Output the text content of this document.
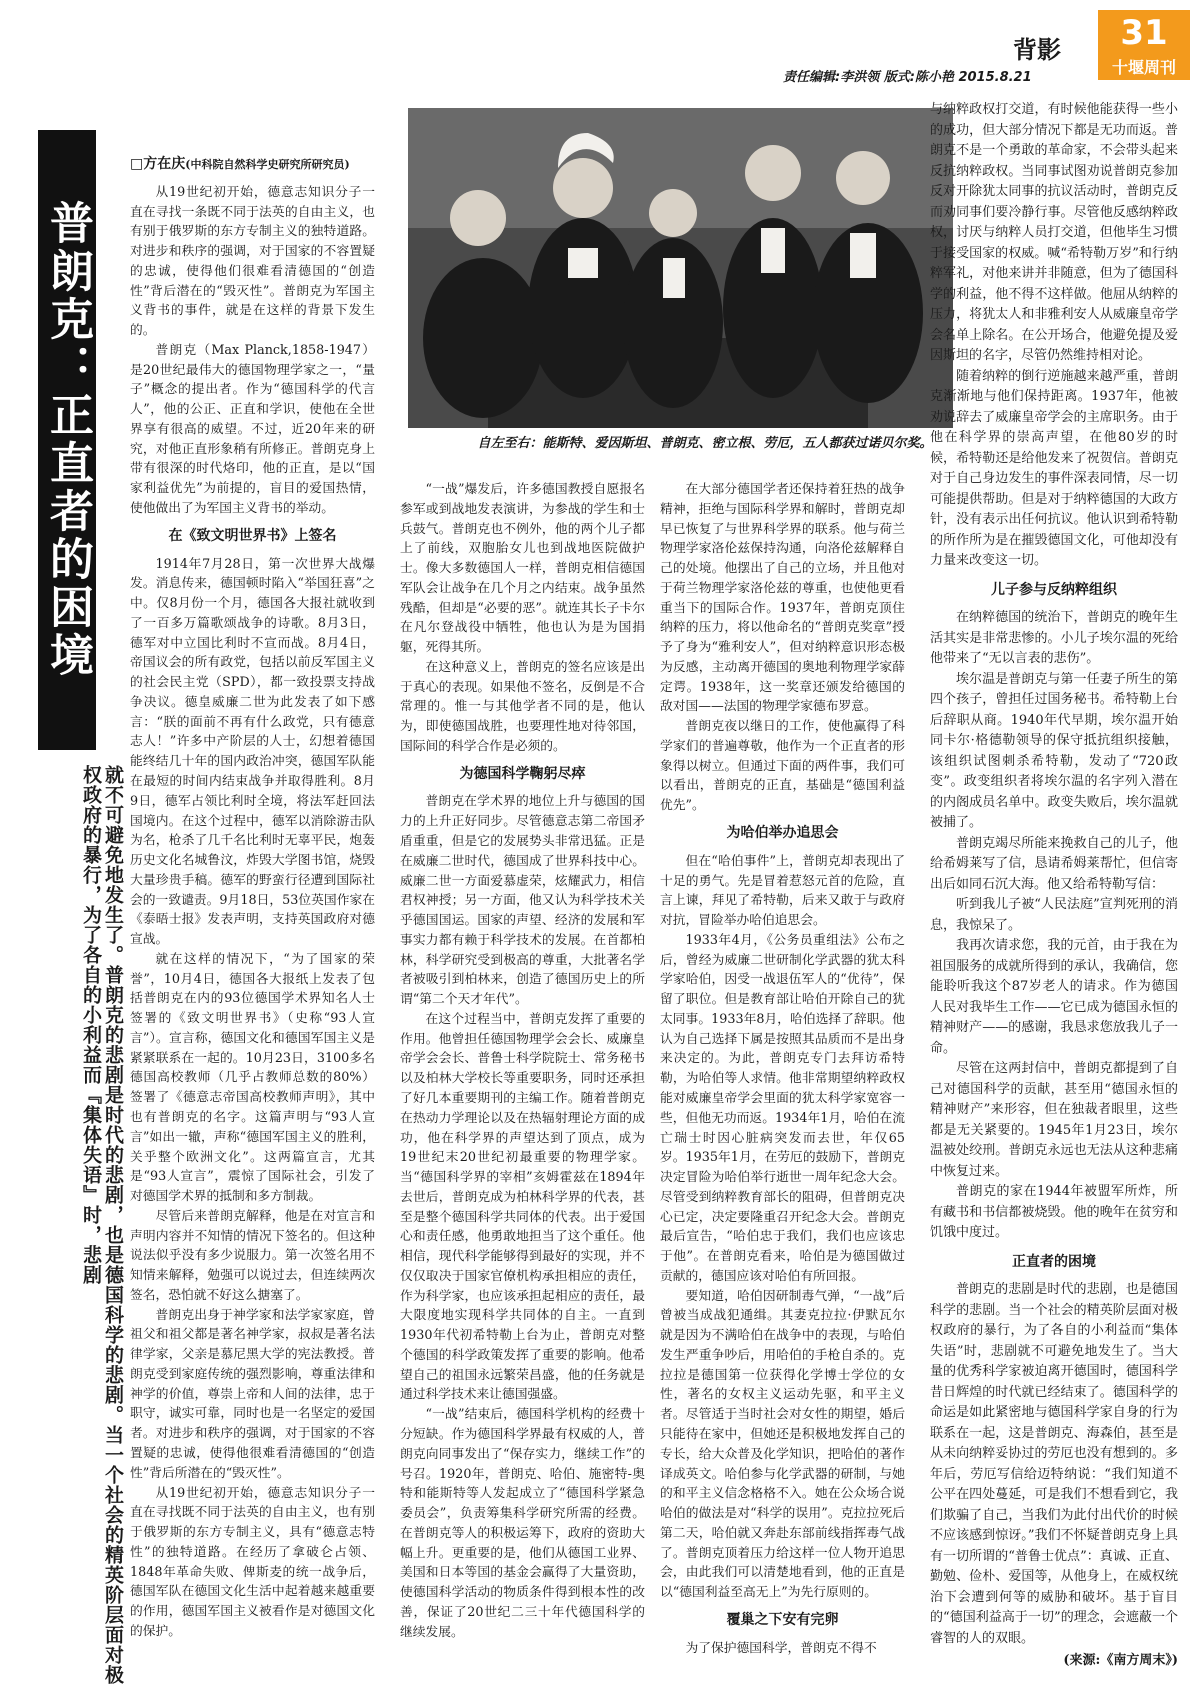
背影	31
十堰周刊
责任编辑:李洪领 版式:陈小艳 2015.8.21
普朗克：正直者的困境
就不可避免地发生了。普朗克的悲剧是时代的悲剧，也是德国科学的悲剧。当一个社会的精英阶层面对极权政府的暴行，为了各自的小利益而『集体失语』时，悲剧
□方在庆(中科院自然科学史研究所研究员)

从19世纪初开始，德意志知识分子一直在寻找一条既不同于法英的自由主义，也有别于俄罗斯的东方专制主义的独特道路。对进步和秩序的强调，对于国家的不容置疑的忠诚，使得他们很难看清德国的“创造性”背后潜在的“毁灭性”。普朗克为军国主义背书的事件，就是在这样的背景下发生的。

普朗克（Max Planck,1858-1947）是20世纪最伟大的德国物理学家之一，“量子”概念的提出者。作为“德国科学的代言人”，他的公正、正直和学识，使他在全世界享有很高的威望。不过，近20年来的研究，对他正直形象稍有所修正。普朗克身上带有很深的时代烙印，他的正直，是以“国家利益优先”为前提的，盲目的爱国热情，使他做出了为军国主义背书的举动。

在《致文明世界书》上签名

1914年7月28日，第一次世界大战爆发。消息传来，德国顿时陷入“举国狂喜”之中。仅8月份一个月，德国各大报社就收到了一百多万篇歌颂战争的诗歌。8月3日，德军对中立国比利时不宣而战。8月4日，帝国议会的所有政党，包括以前反军国主义的社会民主党（SPD），都一致投票支持战争决议。德皇威廉二世为此发表了如下感言：“朕的面前不再有什么政党，只有德意志人！”许多中产阶层的人士，幻想着德国能终结几十年的国内政治冲突，德国军队能在最短的时间内结束战争并取得胜利。8月9日，德军占领比利时全境，将法军赶回法国境内。在这个过程中，德军以消除游击队为名，枪杀了几千名比利时无辜平民，炮轰历史文化名城鲁汶，炸毁大学图书馆，烧毁大量珍贵手稿。德军的野蛮行径遭到国际社会的一致谴责。9月18日，53位英国作家在《泰晤士报》发表声明，支持英国政府对德宣战。

就在这样的情况下，“为了国家的荣誉”，10月4日，德国各大报纸上发表了包括普朗克在内的93位德国学术界知名人士签署的《致文明世界书》（史称“93人宣言”）。宣言称，德国文化和德国军国主义是紧紧联系在一起的。10月23日，3100多名德国高校教师（几乎占教师总数的80%）签署了《德意志帝国高校教师声明》，其中也有普朗克的名字。这篇声明与“93人宣言”如出一辙，声称“德国军国主义的胜利，关乎整个欧洲文化”。这两篇宣言，尤其是“93人宣言”，震惊了国际社会，引发了对德国学术界的抵制和多方制裁。

尽管后来普朗克解释，他是在对宣言和声明内容并不知情的情况下签名的。但这种说法似乎没有多少说服力。第一次签名用不知情来解释，勉强可以说过去，但连续两次签名，恐怕就不好这么搪塞了。

普朗克出身于神学家和法学家家庭，曾祖父和祖父都是著名神学家，叔叔是著名法律学家，父亲是慕尼黑大学的宪法教授。普朗克受到家庭传统的强烈影响，尊重法律和神学的价值，尊崇上帝和人间的法律，忠于职守，诚实可靠，同时也是一名坚定的爱国者。对进步和秩序的强调，对于国家的不容置疑的忠诚，使得他很难看清德国的“创造性”背后所潜在的“毁灭性”。

从19世纪初开始，德意志知识分子一直在寻找既不同于法英的自由主义，也有别于俄罗斯的东方专制主义，具有“德意志特性”的独特道路。在经历了拿破仑占领、1848年革命失败、俾斯麦的统一战争后，德国军队在德国文化生活中起着越来越重要的作用，德国军国主义被看作是对德国文化的保护。

自左至右：能斯特、爱因斯坦、普朗克、密立根、劳厄，五人都获过诺贝尔奖。

“一战”爆发后，许多德国教授自愿报名参军或到战地发表演讲，为参战的学生和士兵鼓气。普朗克也不例外，他的两个儿子都上了前线，双胞胎女儿也到战地医院做护士。像大多数德国人一样，普朗克相信德国军队会让战争在几个月之内结束。战争虽然残酷，但却是“必要的恶”。就连其长子卡尔在凡尔登战役中牺牲，他也认为是为国捐躯，死得其所。

在这种意义上，普朗克的签名应该是出于真心的表现。如果他不签名，反倒是不合常理的。惟一与其他学者不同的是，他认为，即使德国战胜，也要理性地对待邻国，国际间的科学合作是必须的。

为德国科学鞠躬尽瘁

普朗克在学术界的地位上升与德国的国力的上升正好同步。尽管德意志第二帝国矛盾重重，但是它的发展势头非常迅猛。正是在威廉二世时代，德国成了世界科技中心。威廉二世一方面爱慕虚荣，炫耀武力，相信君权神授；另一方面，他又认为科学技术关乎德国国运。国家的声望、经济的发展和军事实力都有赖于科学技术的发展。在首都柏林，科学研究受到极高的尊重，大批著名学者被吸引到柏林来，创造了德国历史上的所谓“第二个天才年代”。

在这个过程当中，普朗克发挥了重要的作用。他曾担任德国物理学会会长、威廉皇帝学会会长、普鲁士科学院院士、常务秘书以及柏林大学校长等重要职务，同时还承担了好几本重要期刊的主编工作。随着普朗克在热动力学理论以及在热辐射理论方面的成功，他在科学界的声望达到了顶点，成为19世纪末20世纪初最重要的物理学家。当“德国科学界的宰相”亥姆霍兹在1894年去世后，普朗克成为柏林科学界的代表，甚至是整个德国科学共同体的代表。出于爱国心和责任感，他勇敢地担当了这个重任。他相信，现代科学能够得到最好的实现，并不仅仅取决于国家官僚机构承担相应的责任，作为科学家，也应该承担起相应的责任，最大限度地实现科学共同体的自主。一直到1930年代初希特勒上台为止，普朗克对整个德国的科学政策发挥了重要的影响。他希望自己的祖国永远繁荣昌盛，他的任务就是通过科学技术来让德国强盛。

“一战”结束后，德国科学机构的经费十分短缺。作为德国科学界最有权威的人，普朗克向同事发出了“保存实力，继续工作”的号召。1920年，普朗克、哈伯、施密特-奥特和能斯特等人发起成立了“德国科学紧急委员会”，负责筹集科学研究所需的经费。在普朗克等人的积极运筹下，政府的资助大幅上升。更重要的是，他们从德国工业界、美国和日本等国的基金会赢得了大量资助，使德国科学活动的物质条件得到根本性的改善，保证了20世纪二三十年代德国科学的继续发展。

在大部分德国学者还保持着狂热的战争精神，拒绝与国际科学界和解时，普朗克却早已恢复了与世界科学界的联系。他与荷兰物理学家洛伦兹保持沟通，向洛伦兹解释自己的处境。他摆出了自己的立场，并且他对于荷兰物理学家洛伦兹的尊重，也使他更看重当下的国际合作。1937年，普朗克顶住纳粹的压力，将以他命名的“普朗克奖章”授予了身为“雅利安人”，但对纳粹意识形态极为反感，主动离开德国的奥地利物理学家薛定谔。1938年，这一奖章还颁发给德国的敌对国——法国的物理学家德布罗意。

普朗克夜以继日的工作，使他赢得了科学家们的普遍尊敬，他作为一个正直者的形象得以树立。但通过下面的两件事，我们可以看出，普朗克的正直，基础是“德国利益优先”。

为哈伯举办追思会

但在“哈伯事件”上，普朗克却表现出了十足的勇气。先是冒着惹怒元首的危险，直言上谏，拜见了希特勒，后来又敢于与政府对抗，冒险举办哈伯追思会。

1933年4月，《公务员重组法》公布之后，曾经为威廉二世研制化学武器的犹太科学家哈伯，因受一战退伍军人的“优待”，保留了职位。但是教育部让哈伯开除自己的犹太同事。1933年8月，哈伯选择了辞职。他认为自己选择下属是按照其品质而不是出身来决定的。为此，普朗克专门去拜访希特勒，为哈伯等人求情。他非常期望纳粹政权能对威廉皇帝学会里面的犹太科学家宽容一些，但他无功而返。1934年1月，哈伯在流亡瑞士时因心脏病突发而去世，年仅65岁。1935年1月，在劳厄的鼓励下，普朗克决定冒险为哈伯举行逝世一周年纪念大会。尽管受到纳粹教育部长的阻碍，但普朗克决心已定，决定要隆重召开纪念大会。普朗克最后宣告，“哈伯忠于我们，我们也应该忠于他”。在普朗克看来，哈伯是为德国做过贡献的，德国应该对哈伯有所回报。

要知道，哈伯因研制毒气弹，“一战”后曾被当成战犯通缉。其妻克拉拉·伊默瓦尔就是因为不满哈伯在战争中的表现，与哈伯发生严重争吵后，用哈伯的手枪自杀的。克拉拉是德国第一位获得化学博士学位的女性，著名的女权主义运动先驱，和平主义者。尽管适于当时社会对女性的期望，婚后只能待在家中，但她还是积极地发挥自己的专长，给大众普及化学知识，把哈伯的著作译成英文。哈伯参与化学武器的研制，与她的和平主义信念格格不入。她在公众场合说哈伯的做法是对“科学的误用”。克拉拉死后第二天，哈伯就又奔赴东部前线指挥毒气战了。普朗克顶着压力给这样一位人物开追思会，由此我们可以清楚地看到，他的正直是以“德国利益至高无上”为先行原则的。

覆巢之下安有完卵

为了保护德国科学，普朗克不得不

与纳粹政权打交道，有时候他能获得一些小的成功，但大部分情况下都是无功而返。普朗克不是一个勇敢的革命家，不会带头起来反抗纳粹政权。当同事试图劝说普朗克参加反对开除犹太同事的抗议活动时，普朗克反而劝同事们要冷静行事。尽管他反感纳粹政权，讨厌与纳粹人员打交道，但他毕生习惯于接受国家的权威。喊“希特勒万岁”和行纳粹军礼，对他来讲并非随意，但为了德国科学的利益，他不得不这样做。他屈从纳粹的压力，将犹太人和非雅利安人从威廉皇帝学会名单上除名。在公开场合，他避免提及爱因斯坦的名字，尽管仍然维持相对论。

随着纳粹的倒行逆施越来越严重，普朗克渐渐地与他们保持距离。1937年，他被劝说辞去了威廉皇帝学会的主席职务。由于他在科学界的崇高声望，在他80岁的时候，希特勒还是给他发来了祝贺信。普朗克对于自己身边发生的事件深表同情，尽一切可能提供帮助。但是对于纳粹德国的大政方针，没有表示出任何抗议。他认识到希特勒的所作所为是在摧毁德国文化，可他却没有力量来改变这一切。

儿子参与反纳粹组织

在纳粹德国的统治下，普朗克的晚年生活其实是非常悲惨的。小儿子埃尔温的死给他带来了“无以言表的悲伤”。

埃尔温是普朗克与第一任妻子所生的第四个孩子，曾担任过国务秘书。希特勒上台后辞职从商。1940年代早期，埃尔温开始同卡尔·格德勒领导的保守抵抗组织接触，该组织试图刺杀希特勒，发动了“720政变”。政变组织者将埃尔温的名字列入潜在的内阁成员名单中。政变失败后，埃尔温就被捕了。

普朗克竭尽所能来挽救自己的儿子，他给希姆莱写了信，恳请希姆莱帮忙，但信寄出后如同石沉大海。他又给希特勒写信：

听到我儿子被“人民法庭”宣判死刑的消息，我惊呆了。

我再次请求您，我的元首，由于我在为祖国服务的成就所得到的承认，我确信，您能聆听我这个87岁老人的请求。作为德国人民对我毕生工作——它已成为德国永恒的精神财产——的感谢，我恳求您放我儿子一命。

尽管在这两封信中，普朗克都提到了自己对德国科学的贡献，甚至用“德国永恒的精神财产”来形容，但在独裁者眼里，这些都是无关紧要的。1945年1月23日，埃尔温被处绞刑。普朗克永远也无法从这种悲痛中恢复过来。

普朗克的家在1944年被盟军所炸，所有藏书和书信都被烧毁。他的晚年在贫穷和饥饿中度过。

正直者的困境

普朗克的悲剧是时代的悲剧，也是德国科学的悲剧。当一个社会的精英阶层面对极权政府的暴行，为了各自的小利益而“集体失语”时，悲剧就不可避免地发生了。当大量的优秀科学家被迫离开德国时，德国科学昔日辉煌的时代就已经结束了。德国科学的命运是如此紧密地与德国科学家自身的行为联系在一起，这是普朗克、海森伯，甚至是从未向纳粹妥协过的劳厄也没有想到的。多年后，劳厄写信给迈特纳说：“我们知道不公平在四处蔓延，可是我们不想看到它，我们欺骗了自己，当我们为此付出代价的时候不应该感到惊讶。”我们不怀疑普朗克身上具有一切所谓的“普鲁士优点”：真诚、正直、勤勉、俭朴、爱国等，从他身上，在威权统治下会遭到何等的威胁和破坏。基于盲目的“德国利益高于一切”的理念，会遮蔽一个睿智的人的双眼。

(来源:《南方周末》)
